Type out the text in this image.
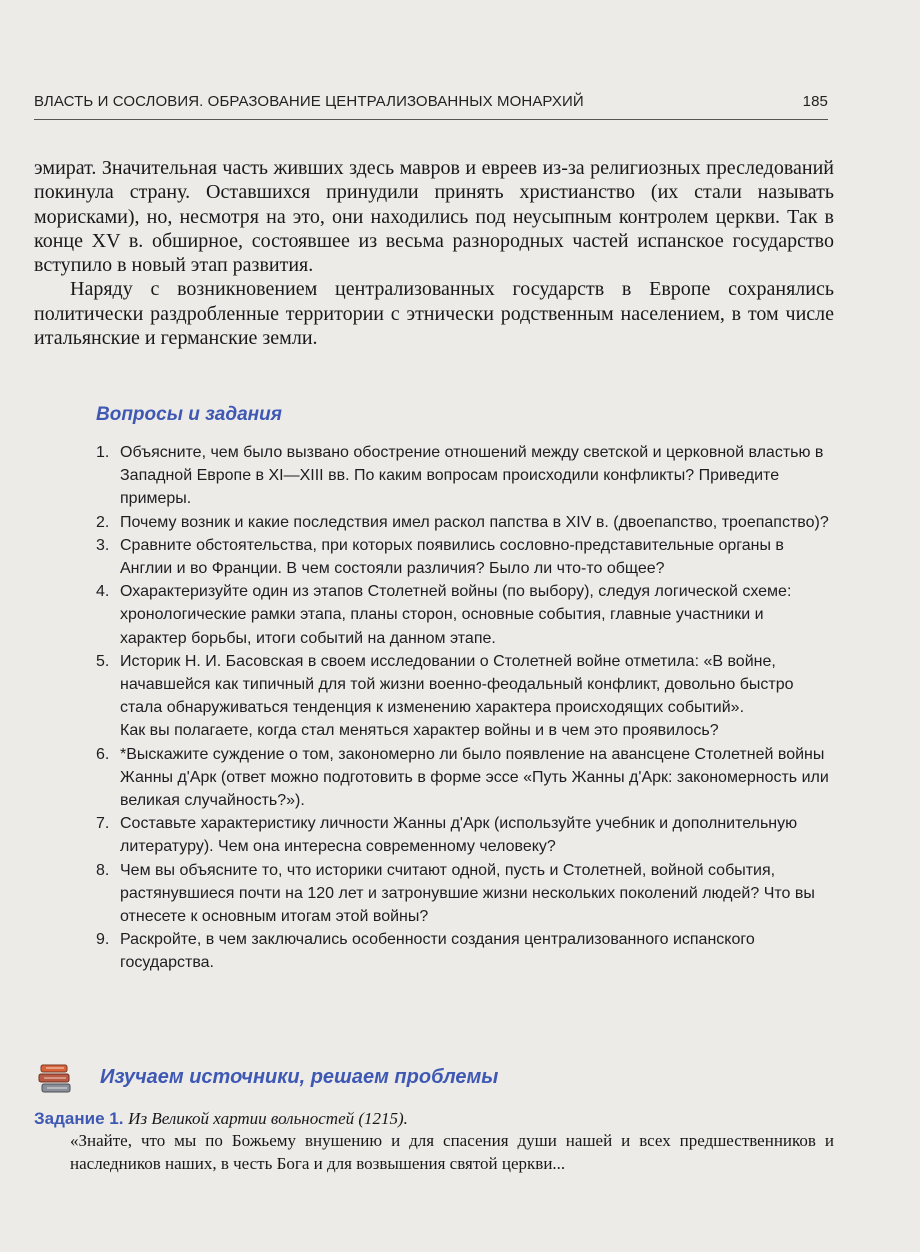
ВЛАСТЬ И СОСЛОВИЯ. ОБРАЗОВАНИЕ ЦЕНТРАЛИЗОВАННЫХ МОНАРХИЙ	185

эмират. Значительная часть живших здесь мавров и евреев из-за религиозных преследований покинула страну. Оставшихся принудили принять христианство (их стали называть морисками), но, несмотря на это, они находились под неусыпным контролем церкви. Так в конце XV в. обширное, состоявшее из весьма разнородных частей испанское государство вступило в новый этап развития.

Наряду с возникновением централизованных государств в Европе сохранялись политически раздробленные территории с этнически родственным населением, в том числе итальянские и германские земли.

Вопросы и задания
1. Объясните, чем было вызвано обострение отношений между светской и церковной властью в Западной Европе в XI—XIII вв. По каким вопросам происходили конфликты? Приведите примеры.
2. Почему возник и какие последствия имел раскол папства в XIV в. (двоепапство, троепапство)?
3. Сравните обстоятельства, при которых появились сословно-представительные органы в Англии и во Франции. В чем состояли различия? Было ли что-то общее?
4. Охарактеризуйте один из этапов Столетней войны (по выбору), следуя логической схеме: хронологические рамки этапа, планы сторон, основные события, главные участники и характер борьбы, итоги событий на данном этапе.
5. Историк Н. И. Басовская в своем исследовании о Столетней войне отметила: «В войне, начавшейся как типичный для той жизни военно-феодальный конфликт, довольно быстро стала обнаруживаться тенденция к изменению характера происходящих событий».
Как вы полагаете, когда стал меняться характер войны и в чем это проявилось?
6. *Выскажите суждение о том, закономерно ли было появление на авансцене Столетней войны Жанны д'Арк (ответ можно подготовить в форме эссе «Путь Жанны д'Арк: закономерность или великая случайность?»).
7. Составьте характеристику личности Жанны д'Арк (используйте учебник и дополнительную литературу). Чем она интересна современному человеку?
8. Чем вы объясните то, что историки считают одной, пусть и Столетней, войной события, растянувшиеся почти на 120 лет и затронувшие жизни нескольких поколений людей? Что вы отнесете к основным итогам этой войны?
9. Раскройте, в чем заключались особенности создания централизованного испанского государства.
Изучаем источники, решаем проблемы
Задание 1. Из Великой хартии вольностей (1215).
«Знайте, что мы по Божьему внушению и для спасения души нашей и всех предшественников и наследников наших, в честь Бога и для возвышения святой церкви...
